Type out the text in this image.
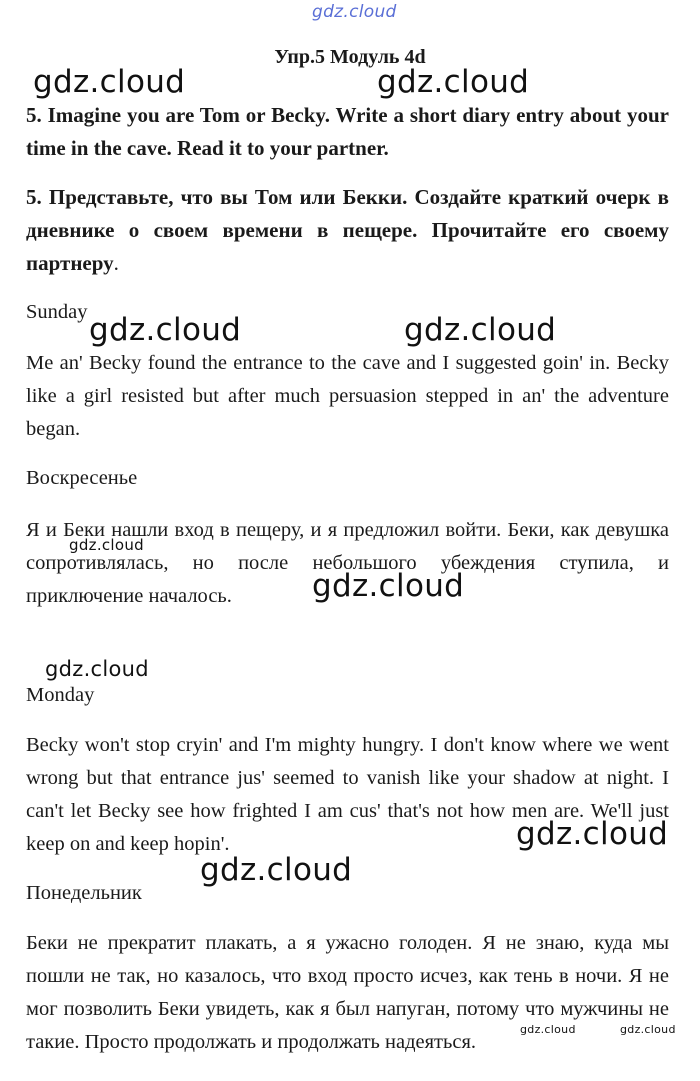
gdz.cloud
gdz.cloud	gdz.cloud
gdz.cloud	gdz.cloud
gdz.cloud
gdz.cloud
gdz.cloud
gdz.cloud
gdz.cloud
gdz.cloud	gdz.cloud
Упр.5 Модуль 4d

5. Imagine you are Tom or Becky. Write a short diary entry about your time in the cave. Read it to your partner.

5. Представьте, что вы Том или Бекки. Создайте краткий очерк в дневнике о своем времени в пещере. Прочитайте его своему партнеру.

Sunday

Me an' Becky found the entrance to the cave and I suggested goin' in. Becky like a girl resisted but after much persuasion stepped in an' the adventure began.

Воскресенье

Я и Беки нашли вход в пещеру, и я предложил войти. Беки, как девушка сопротивлялась, но после небольшого убеждения ступила, и приключение началось.

Monday

Becky won't stop cryin' and I'm mighty hungry. I don't know where we went wrong but that entrance jus' seemed to vanish like your shadow at night. I can't let Becky see how frighted I am cus' that's not how men are. We'll just keep on and keep hopin'.

Понедельник

Беки не прекратит плакать, а я ужасно голоден. Я не знаю, куда мы пошли не так, но казалось, что вход просто исчез, как тень в ночи. Я не мог позволить Беки увидеть, как я был напуган, потому что мужчины не такие. Просто продолжать и продолжать надеяться.
